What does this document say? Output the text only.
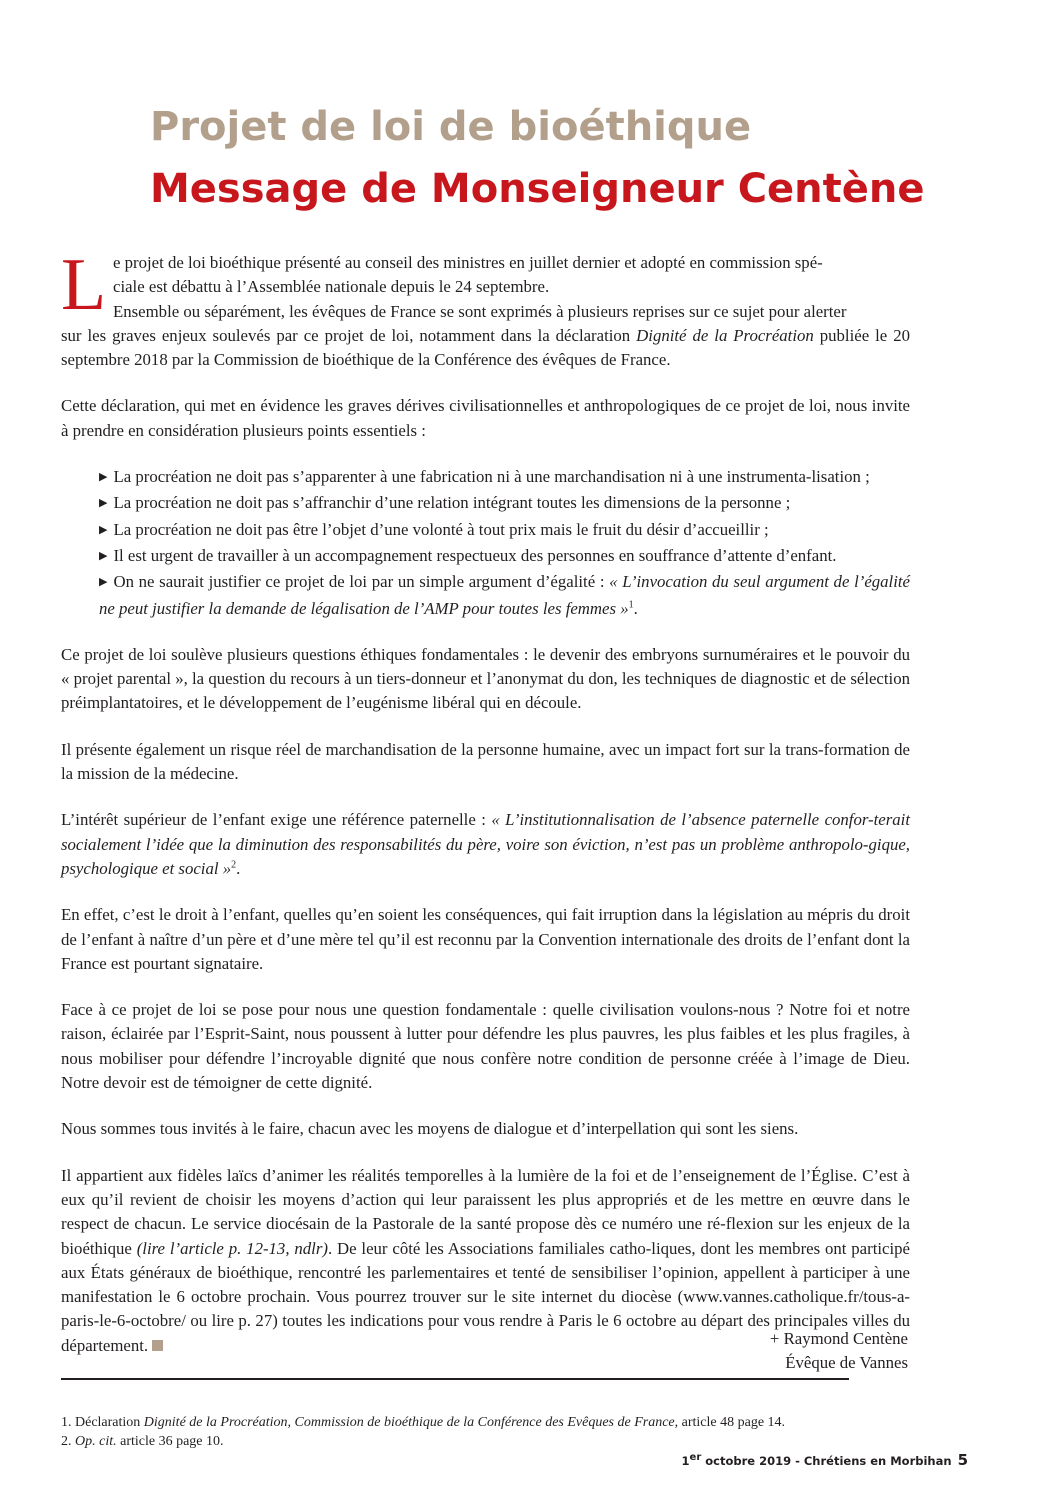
Projet de loi de bioéthique
Message de Monseigneur Centène

L e projet de loi bioéthique présenté au conseil des ministres en juillet dernier et adopté en commission spé-
ciale est débattu à l’Assemblée nationale depuis le 24 septembre.
Ensemble ou séparément, les évêques de France se sont exprimés à plusieurs reprises sur ce sujet pour alerter
sur les graves enjeux soulevés par ce projet de loi, notamment dans la déclaration Dignité de la Procréation publiée le 20 septembre 2018 par la Commission de bioéthique de la Conférence des évêques de France.

Cette déclaration, qui met en évidence les graves dérives civilisationnelles et anthropologiques de ce projet de loi, nous invite à prendre en considération plusieurs points essentiels :

▶ La procréation ne doit pas s’apparenter à une fabrication ni à une marchandisation ni à une instrumenta-lisation ;
▶ La procréation ne doit pas s’affranchir d’une relation intégrant toutes les dimensions de la personne ;
▶ La procréation ne doit pas être l’objet d’une volonté à tout prix mais le fruit du désir d’accueillir ;
▶ Il est urgent de travailler à un accompagnement respectueux des personnes en souffrance d’attente d’enfant.
▶ On ne saurait justifier ce projet de loi par un simple argument d’égalité : « L’invocation du seul argument de l’égalité ne peut justifier la demande de légalisation de l’AMP pour toutes les femmes »$^1$.

Ce projet de loi soulève plusieurs questions éthiques fondamentales : le devenir des embryons surnuméraires et le pouvoir du « projet parental », la question du recours à un tiers-donneur et l’anonymat du don, les techniques de diagnostic et de sélection préimplantatoires, et le développement de l’eugénisme libéral qui en découle.

Il présente également un risque réel de marchandisation de la personne humaine, avec un impact fort sur la trans-formation de la mission de la médecine.

L’intérêt supérieur de l’enfant exige une référence paternelle : « L’institutionnalisation de l’absence paternelle confor-terait socialement l’idée que la diminution des responsabilités du père, voire son éviction, n’est pas un problème anthropolo-gique, psychologique et social »$^2$.

En effet, c’est le droit à l’enfant, quelles qu’en soient les conséquences, qui fait irruption dans la législation au mépris du droit de l’enfant à naître d’un père et d’une mère tel qu’il est reconnu par la Convention internationale des droits de l’enfant dont la France est pourtant signataire.

Face à ce projet de loi se pose pour nous une question fondamentale : quelle civilisation voulons-nous ? Notre foi et notre raison, éclairée par l’Esprit-Saint, nous poussent à lutter pour défendre les plus pauvres, les plus faibles et les plus fragiles, à nous mobiliser pour défendre l’incroyable dignité que nous confère notre condition de personne créée à l’image de Dieu. Notre devoir est de témoigner de cette dignité.

Nous sommes tous invités à le faire, chacun avec les moyens de dialogue et d’interpellation qui sont les siens.

Il appartient aux fidèles laïcs d’animer les réalités temporelles à la lumière de la foi et de l’enseignement de l’Église. C’est à eux qu’il revient de choisir les moyens d’action qui leur paraissent les plus appropriés et de les mettre en œuvre dans le respect de chacun. Le service diocésain de la Pastorale de la santé propose dès ce numéro une ré-flexion sur les enjeux de la bioéthique (lire l’article p. 12-13, ndlr). De leur côté les Associations familiales catho-liques, dont les membres ont participé aux États généraux de bioéthique, rencontré les parlementaires et tenté de sensibiliser l’opinion, appellent à participer à une manifestation le 6 octobre prochain. Vous pourrez trouver sur le site internet du diocèse (www.vannes.catholique.fr/tous-a-paris-le-6-octobre/ ou lire p. 27) toutes les indications pour vous rendre à Paris le 6 octobre au départ des principales villes du département.	+ Raymond Centène
Évêque de Vannes
1. Déclaration Dignité de la Procréation, Commission de bioéthique de la Conférence des Evêques de France, article 48 page 14.
2. Op. cit. article 36 page 10.
1er octobre 2019 - Chrétiens en Morbihan 5
